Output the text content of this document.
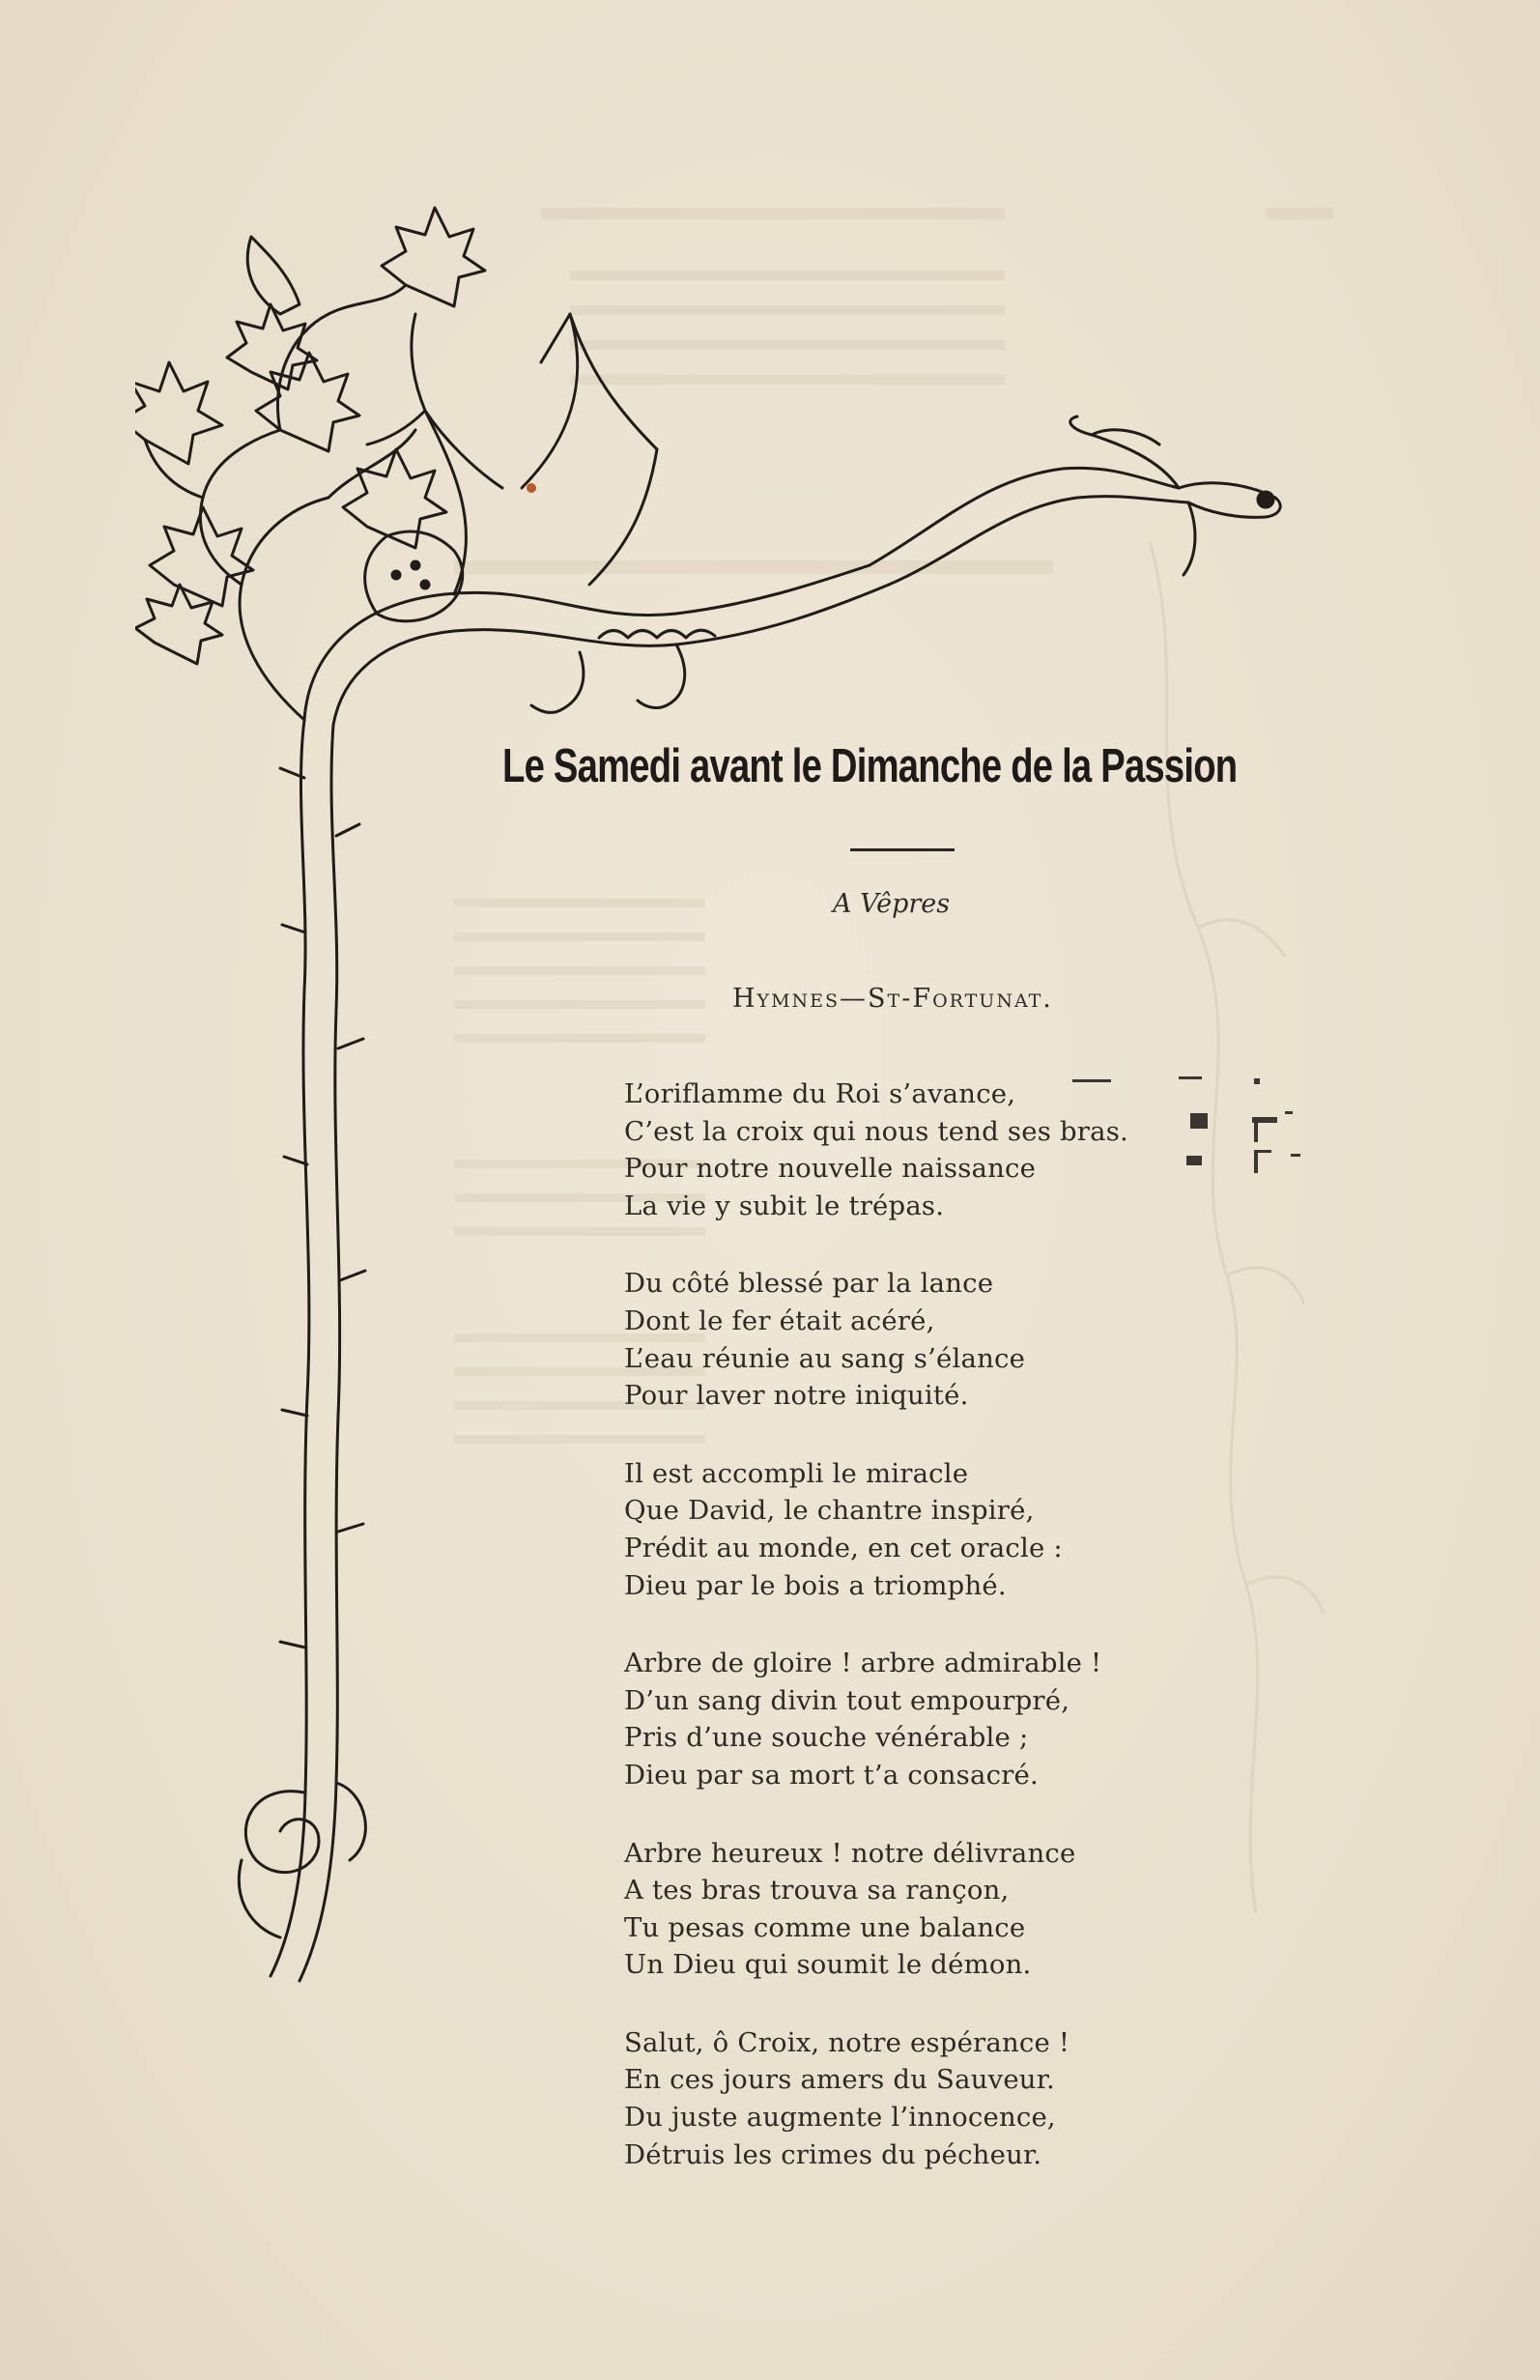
Le Samedi avant le Dimanche de la Passion
A Vêpres
Hymnes—St-Fortunat.
L’oriflamme du Roi s’avance,
C’est la croix qui nous tend ses bras.
Pour notre nouvelle naissance
La vie y subit le trépas.
Du côté blessé par la lance
Dont le fer était acéré,
L’eau réunie au sang s’élance
Pour laver notre iniquité.
Il est accompli le miracle
Que David, le chantre inspiré,
Prédit au monde, en cet oracle :
Dieu par le bois a triomphé.
Arbre de gloire ! arbre admirable !
D’un sang divin tout empourpré,
Pris d’une souche vénérable ;
Dieu par sa mort t’a consacré.
Arbre heureux ! notre délivrance
A tes bras trouva sa rançon,
Tu pesas comme une balance
Un Dieu qui soumit le démon.
Salut, ô Croix, notre espérance !
En ces jours amers du Sauveur.
Du juste augmente l’innocence,
Détruis les crimes du pécheur.
